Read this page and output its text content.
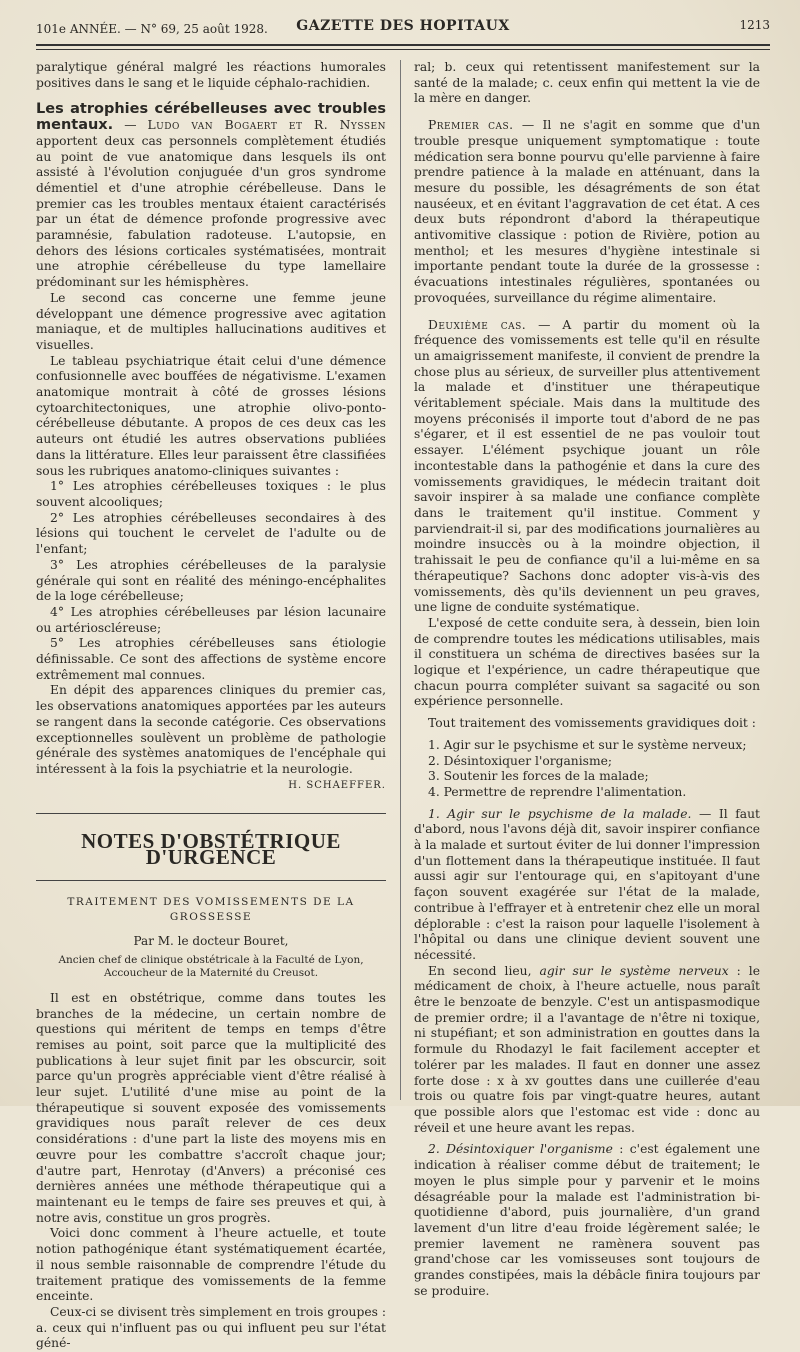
101e ANNÉE. — N° 69, 25 août 1928.	GAZETTE DES HOPITAUX	1213

paralytique général malgré les réactions humorales positives dans le sang et le liquide céphalo-rachidien.

Les atrophies cérébelleuses avec troubles mentaux. — Ludo van Bogaert et R. Nyssen apportent deux cas personnels complètement étudiés au point de vue anatomique dans lesquels ils ont assisté à l'évolution conjuguée d'un gros syndrome démentiel et d'une atrophie cérébelleuse. Dans le premier cas les troubles mentaux étaient caractérisés par un état de démence profonde progressive avec paramnésie, fabulation radoteuse. L'autopsie, en dehors des lésions corticales systématisées, montrait une atrophie cérébelleuse du type lamellaire prédominant sur les hémisphères.

Le second cas concerne une femme jeune développant une démence progressive avec agitation maniaque, et de multiples hallucinations auditives et visuelles.

Le tableau psychiatrique était celui d'une démence confusionnelle avec bouffées de négativisme. L'examen anatomique montrait à côté de grosses lésions cytoarchitectoniques, une atrophie olivo-ponto-cérébelleuse débutante. A propos de ces deux cas les auteurs ont étudié les autres observations publiées dans la littérature. Elles leur paraissent être classifiées sous les rubriques anatomo-cliniques suivantes :

1° Les atrophies cérébelleuses toxiques : le plus souvent alcooliques;

2° Les atrophies cérébelleuses secondaires à des lésions qui touchent le cervelet de l'adulte ou de l'enfant;

3° Les atrophies cérébelleuses de la paralysie générale qui sont en réalité des méningo-encéphalites de la loge cérébelleuse;

4° Les atrophies cérébelleuses par lésion lacunaire ou artérioscléreuse;

5° Les atrophies cérébelleuses sans étiologie définissable. Ce sont des affections de système encore extrêmement mal connues.

En dépit des apparences cliniques du premier cas, les observations anatomiques apportées par les auteurs se rangent dans la seconde catégorie. Ces observations exceptionnelles soulèvent un problème de pathologie générale des systèmes anatomiques de l'encéphale qui intéressent à la fois la psychiatrie et la neurologie.

H. SCHAEFFER.
NOTES D'OBSTÉTRIQUE D'URGENCE
TRAITEMENT DES VOMISSEMENTS DE LA GROSSESSE
Par M. le docteur Bouret,
Ancien chef de clinique obstétricale à la Faculté de Lyon, Accoucheur de la Maternité du Creusot.

Il est en obstétrique, comme dans toutes les branches de la médecine, un certain nombre de questions qui méritent de temps en temps d'être remises au point, soit parce que la multiplicité des publications à leur sujet finit par les obscurcir, soit parce qu'un progrès appréciable vient d'être réalisé à leur sujet. L'utilité d'une mise au point de la thérapeutique si souvent exposée des vomissements gravidiques nous paraît relever de ces deux considérations : d'une part la liste des moyens mis en œuvre pour les combattre s'accroît chaque jour; d'autre part, Henrotay (d'Anvers) a préconisé ces dernières années une méthode thérapeutique qui a maintenant eu le temps de faire ses preuves et qui, à notre avis, constitue un gros progrès.

Voici donc comment à l'heure actuelle, et toute notion pathogénique étant systématiquement écartée, il nous semble raisonnable de comprendre l'étude du traitement pratique des vomissements de la femme enceinte.

Ceux-ci se divisent très simplement en trois groupes : a. ceux qui n'influent pas ou qui influent peu sur l'état géné-

ral; b. ceux qui retentissent manifestement sur la santé de la malade; c. ceux enfin qui mettent la vie de la mère en danger.

Premier cas. — Il ne s'agit en somme que d'un trouble presque uniquement symptomatique : toute médication sera bonne pourvu qu'elle parvienne à faire prendre patience à la malade en atténuant, dans la mesure du possible, les désagréments de son état nauséeux, et en évitant l'aggravation de cet état. A ces deux buts répondront d'abord la thérapeutique antivomitive classique : potion de Rivière, potion au menthol; et les mesures d'hygiène intestinale si importante pendant toute la durée de la grossesse : évacuations intestinales régulières, spontanées ou provoquées, surveillance du régime alimentaire.

Deuxième cas. — A partir du moment où la fréquence des vomissements est telle qu'il en résulte un amaigrissement manifeste, il convient de prendre la chose plus au sérieux, de surveiller plus attentivement la malade et d'instituer une thérapeutique véritablement spéciale. Mais dans la multitude des moyens préconisés il importe tout d'abord de ne pas s'égarer, et il est essentiel de ne pas vouloir tout essayer. L'élément psychique jouant un rôle incontestable dans la pathogénie et dans la cure des vomissements gravidiques, le médecin traitant doit savoir inspirer à sa malade une confiance complète dans le traitement qu'il institue. Comment y parviendrait-il si, par des modifications journalières au moindre insuccès ou à la moindre objection, il trahissait le peu de confiance qu'il a lui-même en sa thérapeutique? Sachons donc adopter vis-à-vis des vomissements, dès qu'ils deviennent un peu graves, une ligne de conduite systématique.

L'exposé de cette conduite sera, à dessein, bien loin de comprendre toutes les médications utilisables, mais il constituera un schéma de directives basées sur la logique et l'expérience, un cadre thérapeutique que chacun pourra compléter suivant sa sagacité ou son expérience personnelle.

Tout traitement des vomissements gravidiques doit :

1. Agir sur le psychisme et sur le système nerveux;

2. Désintoxiquer l'organisme;

3. Soutenir les forces de la malade;

4. Permettre de reprendre l'alimentation.

1. Agir sur le psychisme de la malade. — Il faut d'abord, nous l'avons déjà dit, savoir inspirer confiance à la malade et surtout éviter de lui donner l'impression d'un flottement dans la thérapeutique instituée. Il faut aussi agir sur l'entourage qui, en s'apitoyant d'une façon souvent exagérée sur l'état de la malade, contribue à l'effrayer et à entretenir chez elle un moral déplorable : c'est la raison pour laquelle l'isolement à l'hôpital ou dans une clinique devient souvent une nécessité.

En second lieu, agir sur le système nerveux : le médicament de choix, à l'heure actuelle, nous paraît être le benzoate de benzyle. C'est un antispasmodique de premier ordre; il a l'avantage de n'être ni toxique, ni stupéfiant; et son administration en gouttes dans la formule du Rhodazyl le fait facilement accepter et tolérer par les malades. Il faut en donner une assez forte dose : x à xv gouttes dans une cuillerée d'eau trois ou quatre fois par vingt-quatre heures, autant que possible alors que l'estomac est vide : donc au réveil et une heure avant les repas.

2. Désintoxiquer l'organisme : c'est également une indication à réaliser comme début de traitement; le moyen le plus simple pour y parvenir et le moins désagréable pour la malade est l'administration bi-quotidienne d'abord, puis journalière, d'un grand lavement d'un litre d'eau froide légèrement salée; le premier lavement ne ramènera souvent pas grand'chose car les vomisseuses sont toujours de grandes constipées, mais la débâcle finira toujours par se produire.
